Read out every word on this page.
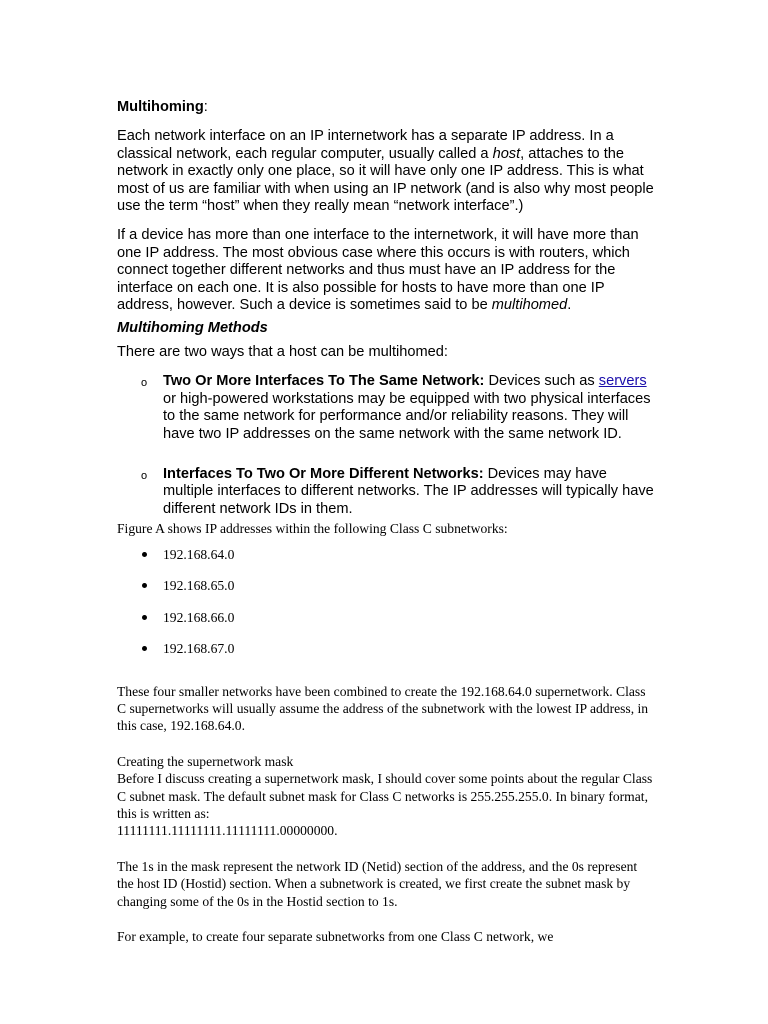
Multihoming:

Each network interface on an IP internetwork has a separate IP address. In a classical network, each regular computer, usually called a host, attaches to the network in exactly only one place, so it will have only one IP address. This is what most of us are familiar with when using an IP network (and is also why most people use the term “host” when they really mean “network interface”.)

If a device has more than one interface to the internetwork, it will have more than one IP address. The most obvious case where this occurs is with routers, which connect together different networks and thus must have an IP address for the interface on each one. It is also possible for hosts to have more than one IP address, however. Such a device is sometimes said to be multihomed.

Multihoming Methods

There are two ways that a host can be multihomed:

o Two Or More Interfaces To The Same Network: Devices such as servers or high-powered workstations may be equipped with two physical interfaces to the same network for performance and/or reliability reasons. They will have two IP addresses on the same network with the same network ID.
o Interfaces To Two Or More Different Networks: Devices may have multiple interfaces to different networks. The IP addresses will typically have different network IDs in them.

Figure A shows IP addresses within the following Class C subnetworks:

192.168.64.0
192.168.65.0
192.168.66.0
192.168.67.0

These four smaller networks have been combined to create the 192.168.64.0 supernetwork. Class C supernetworks will usually assume the address of the subnetwork with the lowest IP address, in this case, 192.168.64.0.

Creating the supernetwork mask

Before I discuss creating a supernetwork mask, I should cover some points about the regular Class C subnet mask. The default subnet mask for Class C networks is 255.255.255.0. In binary format, this is written as:

11111111.11111111.11111111.00000000.

The 1s in the mask represent the network ID (Netid) section of the address, and the 0s represent the host ID (Hostid) section. When a subnetwork is created, we first create the subnet mask by changing some of the 0s in the Hostid section to 1s.

For example, to create four separate subnetworks from one Class C network, we
